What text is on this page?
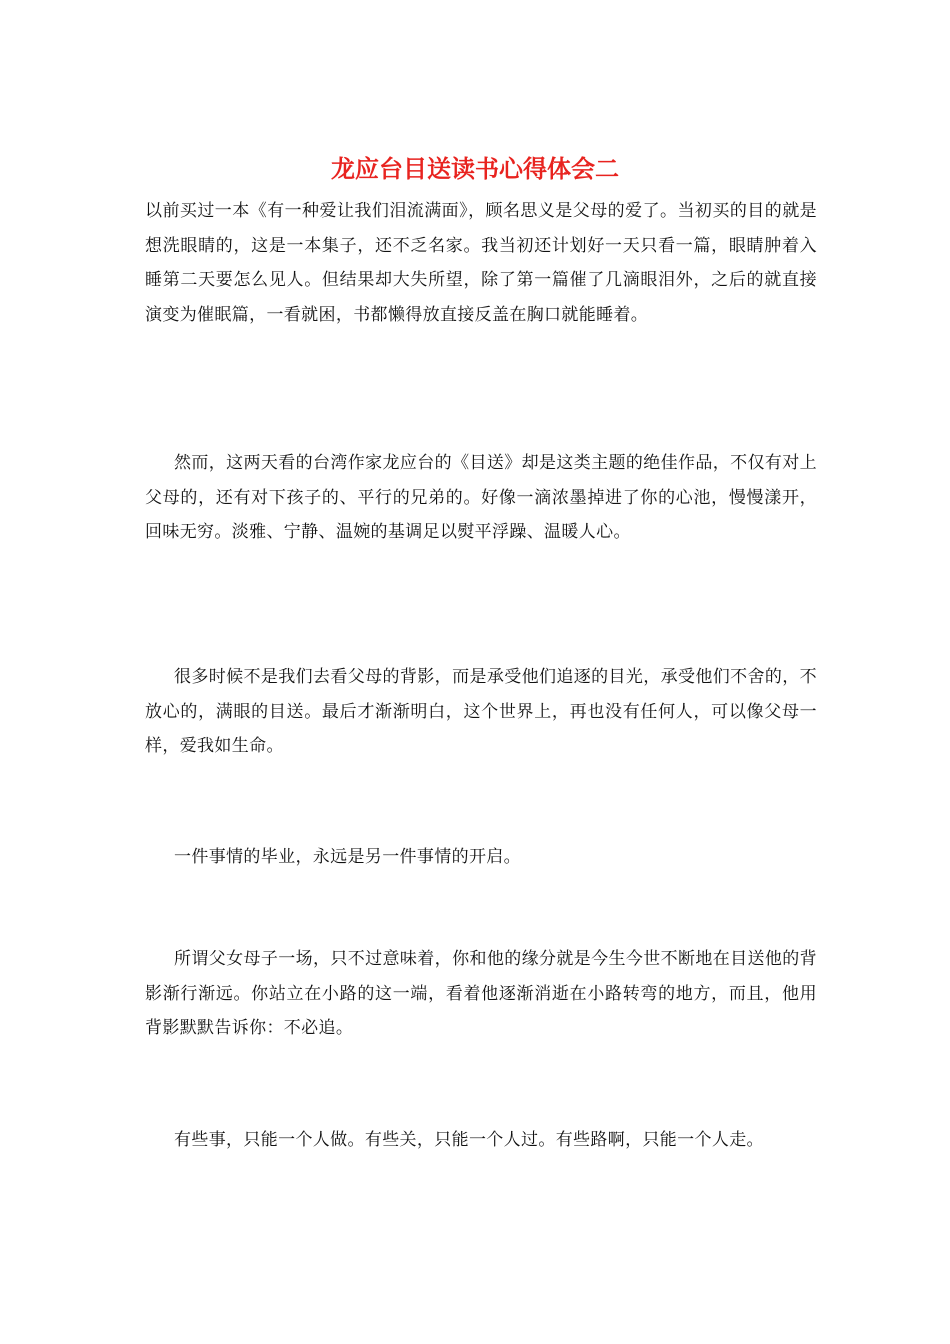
龙应台目送读书心得体会二

以前买过一本《有一种爱让我们泪流满面》，顾名思义是父母的爱了。当初买的目的就是想洗眼睛的，这是一本集子，还不乏名家。我当初还计划好一天只看一篇，眼睛肿着入睡第二天要怎么见人。但结果却大失所望，除了第一篇催了几滴眼泪外，之后的就直接演变为催眠篇，一看就困，书都懒得放直接反盖在胸口就能睡着。

然而，这两天看的台湾作家龙应台的《目送》却是这类主题的绝佳作品，不仅有对上父母的，还有对下孩子的、平行的兄弟的。好像一滴浓墨掉进了你的心池，慢慢漾开，回味无穷。淡雅、宁静、温婉的基调足以熨平浮躁、温暖人心。

很多时候不是我们去看父母的背影，而是承受他们追逐的目光，承受他们不舍的，不放心的，满眼的目送。最后才渐渐明白，这个世界上，再也没有任何人，可以像父母一样，爱我如生命。

一件事情的毕业，永远是另一件事情的开启。

所谓父女母子一场，只不过意味着，你和他的缘分就是今生今世不断地在目送他的背影渐行渐远。你站立在小路的这一端，看着他逐渐消逝在小路转弯的地方，而且，他用背影默默告诉你：不必追。

有些事，只能一个人做。有些关，只能一个人过。有些路啊，只能一个人走。
